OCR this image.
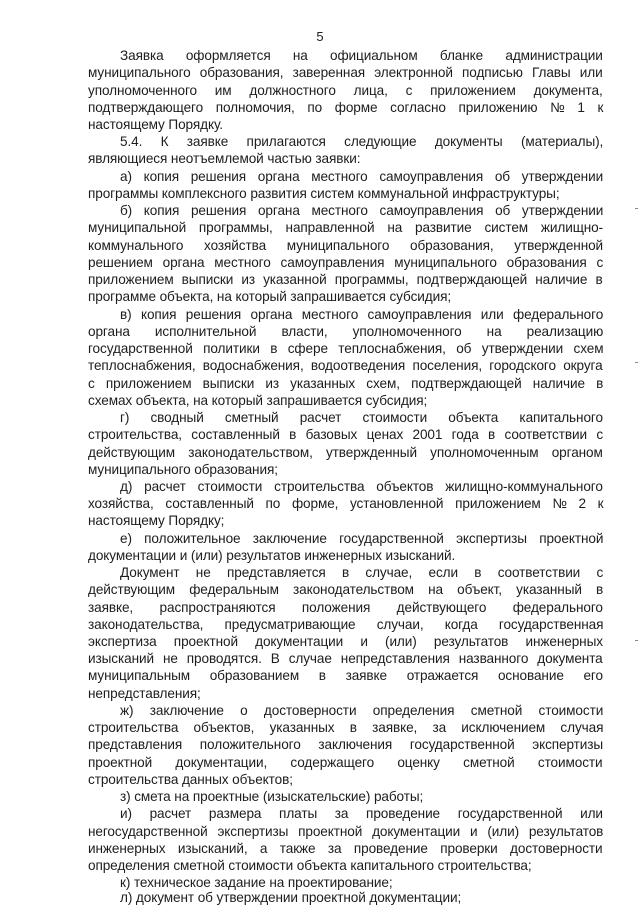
5
Заявка оформляется на официальном бланке администрации
муниципального образования, заверенная электронной подписью Главы или
уполномоченного им должностного лица, с приложением документа,
подтверждающего полномочия, по форме согласно приложению № 1 к
настоящему Порядку.
5.4. К заявке прилагаются следующие документы (материалы),
являющиеся неотъемлемой частью заявки:
а) копия решения органа местного самоуправления об утверждении
программы комплексного развития систем коммунальной инфраструктуры;
б) копия решения органа местного самоуправления об утверждении
муниципальной программы, направленной на развитие систем жилищно-
коммунального хозяйства муниципального образования, утвержденной
решением органа местного самоуправления муниципального образования с
приложением выписки из указанной программы, подтверждающей наличие в
программе объекта, на который запрашивается субсидия;
в) копия решения органа местного самоуправления или федерального
органа исполнительной власти, уполномоченного на реализацию
государственной политики в сфере теплоснабжения, об утверждении схем
теплоснабжения, водоснабжения, водоотведения поселения, городского округа
с приложением выписки из указанных схем, подтверждающей наличие в
схемах объекта, на который запрашивается субсидия;
г) сводный сметный расчет стоимости объекта капитального
строительства, составленный в базовых ценах 2001 года в соответствии с
действующим законодательством, утвержденный уполномоченным органом
муниципального образования;
д) расчет стоимости строительства объектов жилищно-коммунального
хозяйства, составленный по форме, установленной приложением № 2 к
настоящему Порядку;
е) положительное заключение государственной экспертизы проектной
документации и (или) результатов инженерных изысканий.
Документ не представляется в случае, если в соответствии с
действующим федеральным законодательством на объект, указанный в
заявке, распространяются положения действующего федерального
законодательства, предусматривающие случаи, когда государственная
экспертиза проектной документации и (или) результатов инженерных
изысканий не проводятся. В случае непредставления названного документа
муниципальным образованием в заявке отражается основание его
непредставления;
ж) заключение о достоверности определения сметной стоимости
строительства объектов, указанных в заявке, за исключением случая
представления положительного заключения государственной экспертизы
проектной документации, содержащего оценку сметной стоимости
строительства данных объектов;
з) смета на проектные (изыскательские) работы;
и) расчет размера платы за проведение государственной или
негосударственной экспертизы проектной документации и (или) результатов
инженерных изысканий, а также за проведение проверки достоверности
определения сметной стоимости объекта капитального строительства;
к) техническое задание на проектирование;
л) документ об утверждении проектной документации;
